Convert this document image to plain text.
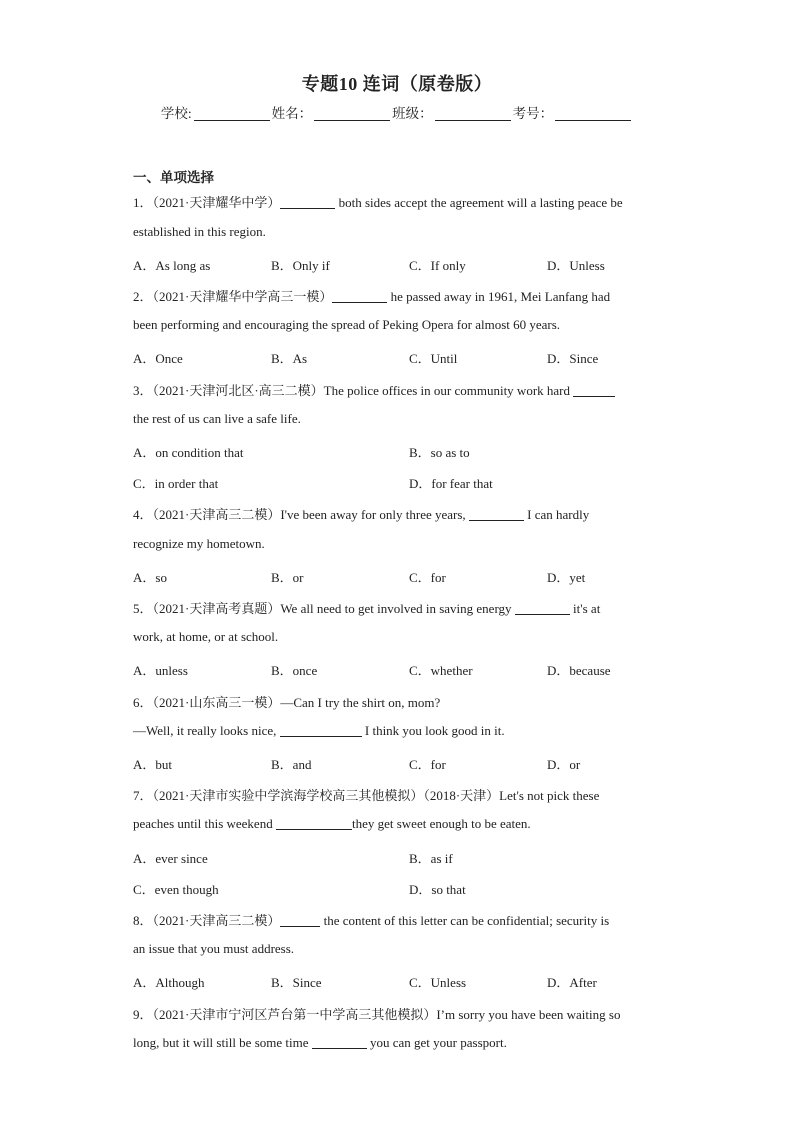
专题10 连词（原卷版）
学校:	姓名：	班级：	考号：
一、单项选择
1．（2021·天津耀华中学）	both sides accept the agreement will a lasting peace be
established in this region.
A．As long as	B．Only if	C．If only	D．Unless
2．（2021·天津耀华中学高三一模）	he passed away in 1961, Mei Lanfang had
been performing and encouraging the spread of Peking Opera for almost 60 years.
A．Once	B．As	C．Until	D．Since
3．（2021·天津河北区·高三二模）The police offices in our community work hard
the rest of us can live a safe life.
A．on condition that	B．so as to
C．in order that	D．for fear that
4．（2021·天津高三二模）I've been away for only three years,	I can hardly
recognize my hometown.
A．so	B．or	C．for	D．yet
5．（2021·天津高考真题）We all need to get involved in saving energy	it's at
work, at home, or at school.
A．unless	B．once	C．whether	D．because
6．（2021·山东高三一模）—Can I try the shirt on, mom?
—Well, it really looks nice,	I think you look good in it.
A．but	B．and	C．for	D．or
7．（2021·天津市实验中学滨海学校高三其他模拟）（2018·天津）Let's not pick these
peaches until this weekend	they get sweet enough to be eaten.
A．ever since	B．as if
C．even though	D．so that
8．（2021·天津高三二模）	the content of this letter can be confidential; security is
an issue that you must address.
A．Although	B．Since	C．Unless	D．After
9．（2021·天津市宁河区芦台第一中学高三其他模拟）I’m sorry you have been waiting so
long, but it will still be some time	you can get your passport.
